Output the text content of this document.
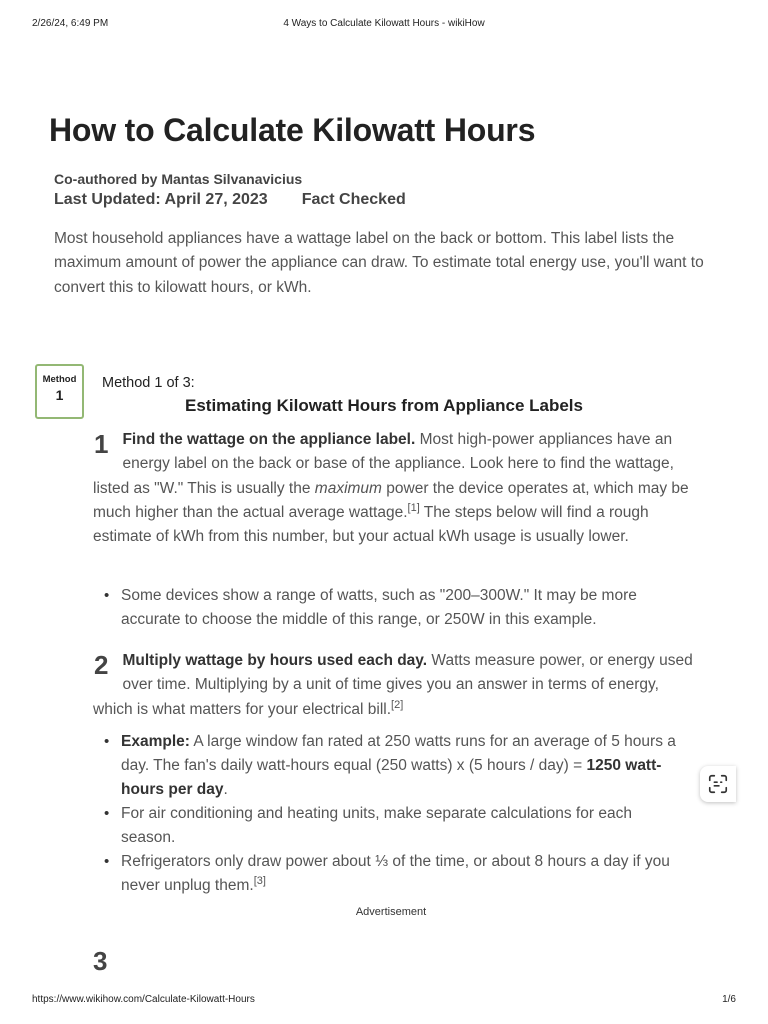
2/26/24, 6:49 PM	4 Ways to Calculate Kilowatt Hours - wikiHow
How to Calculate Kilowatt Hours
Co-authored by Mantas Silvanavicius
Last Updated: April 27, 2023 Fact Checked

Most household appliances have a wattage label on the back or bottom. This label lists the maximum amount of power the appliance can draw. To estimate total energy use, you'll want to convert this to kilowatt hours, or kWh.

Method
1
Method 1 of 3:
Estimating Kilowatt Hours from Appliance Labels
1 Find the wattage on the appliance label. Most high-power appliances have an energy label on the back or base of the appliance. Look here to find the wattage, listed as "W." This is usually the maximum power the device operates at, which may be much higher than the actual average wattage.[1] The steps below will find a rough estimate of kWh from this number, but your actual kWh usage is usually lower.
• Some devices show a range of watts, such as "200–300W." It may be more accurate to choose the middle of this range, or 250W in this example.
2 Multiply wattage by hours used each day. Watts measure power, or energy used over time. Multiplying by a unit of time gives you an answer in terms of energy, which is what matters for your electrical bill.[2]
• Example: A large window fan rated at 250 watts runs for an average of 5 hours a day. The fan's daily watt-hours equal (250 watts) x (5 hours / day) = 1250 watt-hours per day.
• For air conditioning and heating units, make separate calculations for each season.
• Refrigerators only draw power about ⅓ of the time, or about 8 hours a day if you never unplug them.[3]
Advertisement
3
https://www.wikihow.com/Calculate-Kilowatt-Hours	1/6
